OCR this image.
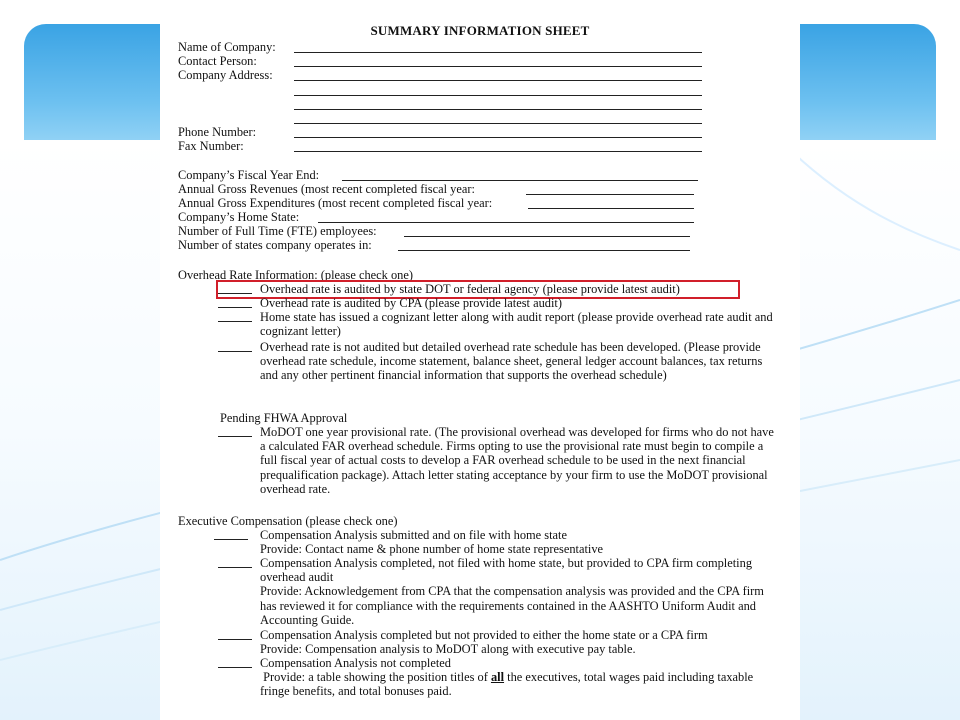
SUMMARY INFORMATION SHEET
Name of Company:
Contact Person:
Company Address:
Phone Number:
Fax Number:
Company’s Fiscal Year End:
Annual Gross Revenues (most recent completed fiscal year:
Annual Gross Expenditures (most recent completed fiscal year:
Company’s Home State:
Number of Full Time (FTE) employees:
Number of states company operates in:
Overhead Rate Information: (please check one)
Overhead rate is audited by state DOT or federal agency (please provide latest audit)
Overhead rate is audited by CPA (please provide latest audit)
Home state has issued a cognizant letter along with audit report (please provide overhead rate audit and cognizant letter)
Overhead rate is not audited but detailed overhead rate schedule has been developed. (Please provide overhead rate schedule, income statement, balance sheet, general ledger account balances, tax returns and any other pertinent financial information that supports the overhead schedule)
Pending FHWA Approval
MoDOT one year provisional rate. (The provisional overhead was developed for firms who do not have a calculated FAR overhead schedule. Firms opting to use the provisional rate must begin to compile a full fiscal year of actual costs to develop a FAR overhead schedule to be used in the next financial prequalification package). Attach letter stating acceptance by your firm to use the MoDOT provisional overhead rate.
Executive Compensation (please check one)
Compensation Analysis submitted and on file with home state
Provide: Contact name & phone number of home state representative
Compensation Analysis completed, not filed with home state, but provided to CPA firm completing overhead audit
Provide: Acknowledgement from CPA that the compensation analysis was provided and the CPA firm has reviewed it for compliance with the requirements contained in the AASHTO Uniform Audit and Accounting Guide.
Compensation Analysis completed but not provided to either the home state or a CPA firm
Provide: Compensation analysis to MoDOT along with executive pay table.
Compensation Analysis not completed
Provide: a table showing the position titles of all the executives, total wages paid including taxable fringe benefits, and total bonuses paid.
